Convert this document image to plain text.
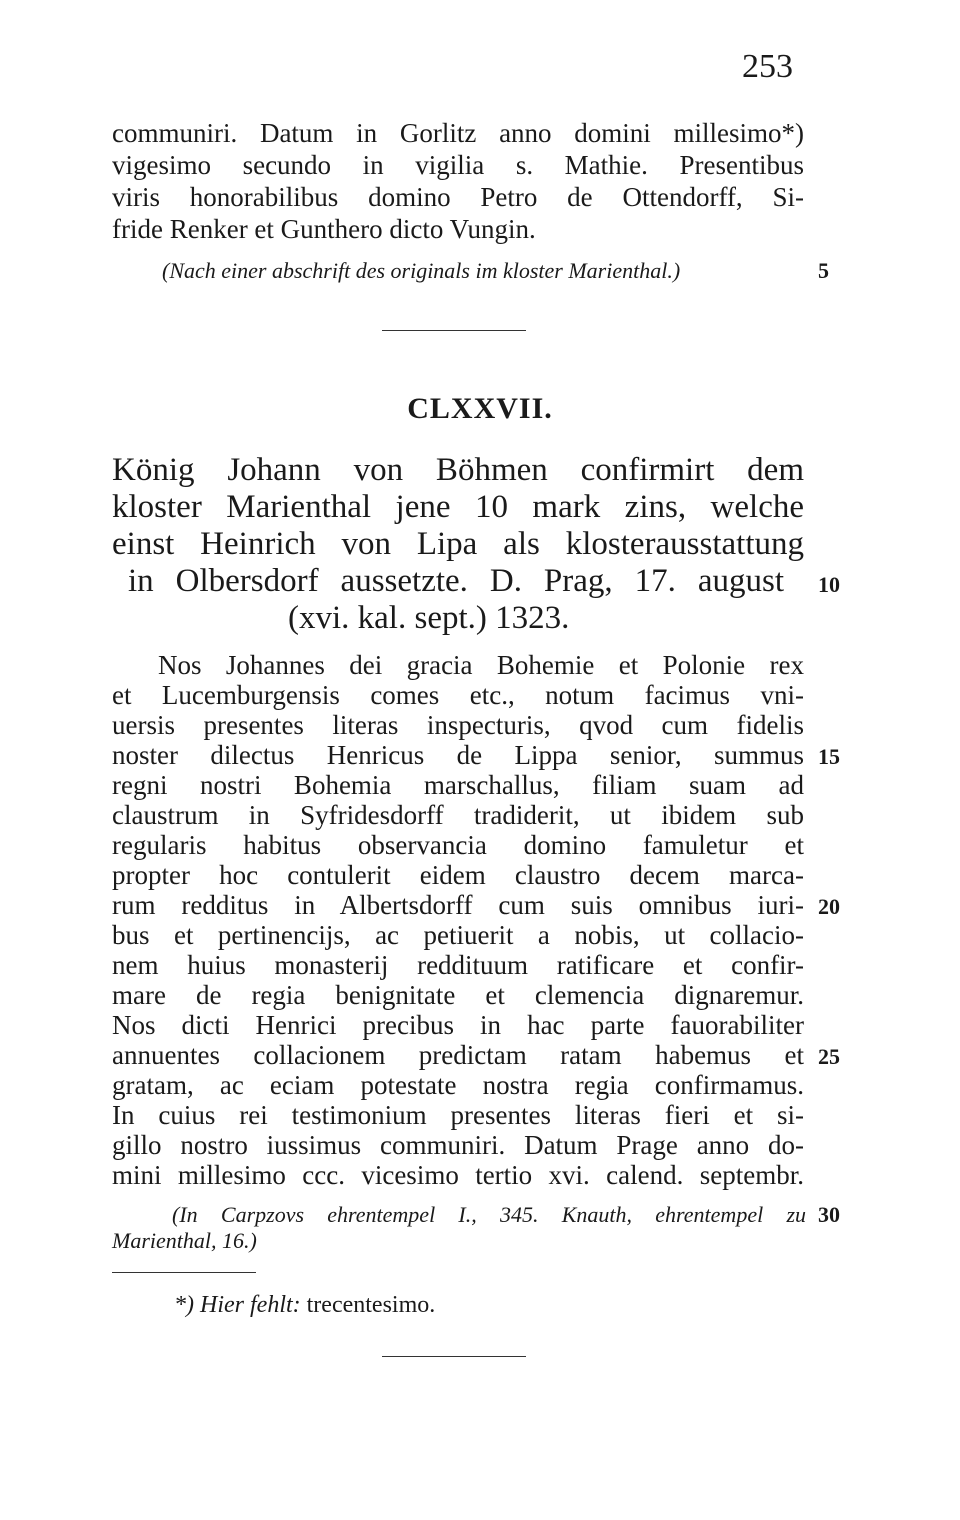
253
communiri. Datum in Gorlitz anno domini millesimo*)
vigesimo secundo in vigilia s. Mathie. Presentibus
viris honorabilibus domino Petro de Ottendorff, Si-
fride Renker et Gunthero dicto Vungin.
(Nach einer abschrift des originals im kloster Marienthal.)	5
CLXXVII.
König Johann von Böhmen confirmirt dem
kloster Marienthal jene 10 mark zins, welche
einst Heinrich von Lipa als klosterausstattung
in Olbersdorf aussetzte. D. Prag, 17. august 10
(xvi. kal. sept.) 1323.
Nos Johannes dei gracia Bohemie et Polonie rex
et Lucemburgensis comes etc., notum facimus vni-
uersis presentes literas inspecturis, qvod cum fidelis
noster dilectus Henricus de Lippa senior, summus 15
regni nostri Bohemia marschallus, filiam suam ad
claustrum in Syfridesdorff tradiderit, ut ibidem sub
regularis habitus observancia domino famuletur et
propter hoc contulerit eidem claustro decem marca-
rum redditus in Albertsdorff cum suis omnibus iuri- 20
bus et pertinencijs, ac petiuerit a nobis, ut collacio-
nem huius monasterij reddituum ratificare et confir-
mare de regia benignitate et clemencia dignaremur.
Nos dicti Henrici precibus in hac parte fauorabiliter
annuentes collacionem predictam ratam habemus et 25
gratam, ac eciam potestate nostra regia confirmamus.
In cuius rei testimonium presentes literas fieri et si-
gillo nostro iussimus communiri. Datum Prage anno do-
mini millesimo ccc. vicesimo tertio xvi. calend. septembr.
(In Carpzovs ehrentempel I., 345. Knauth, ehrentempel zu 30
Marienthal, 16.)
*) Hier fehlt: trecentesimo.
